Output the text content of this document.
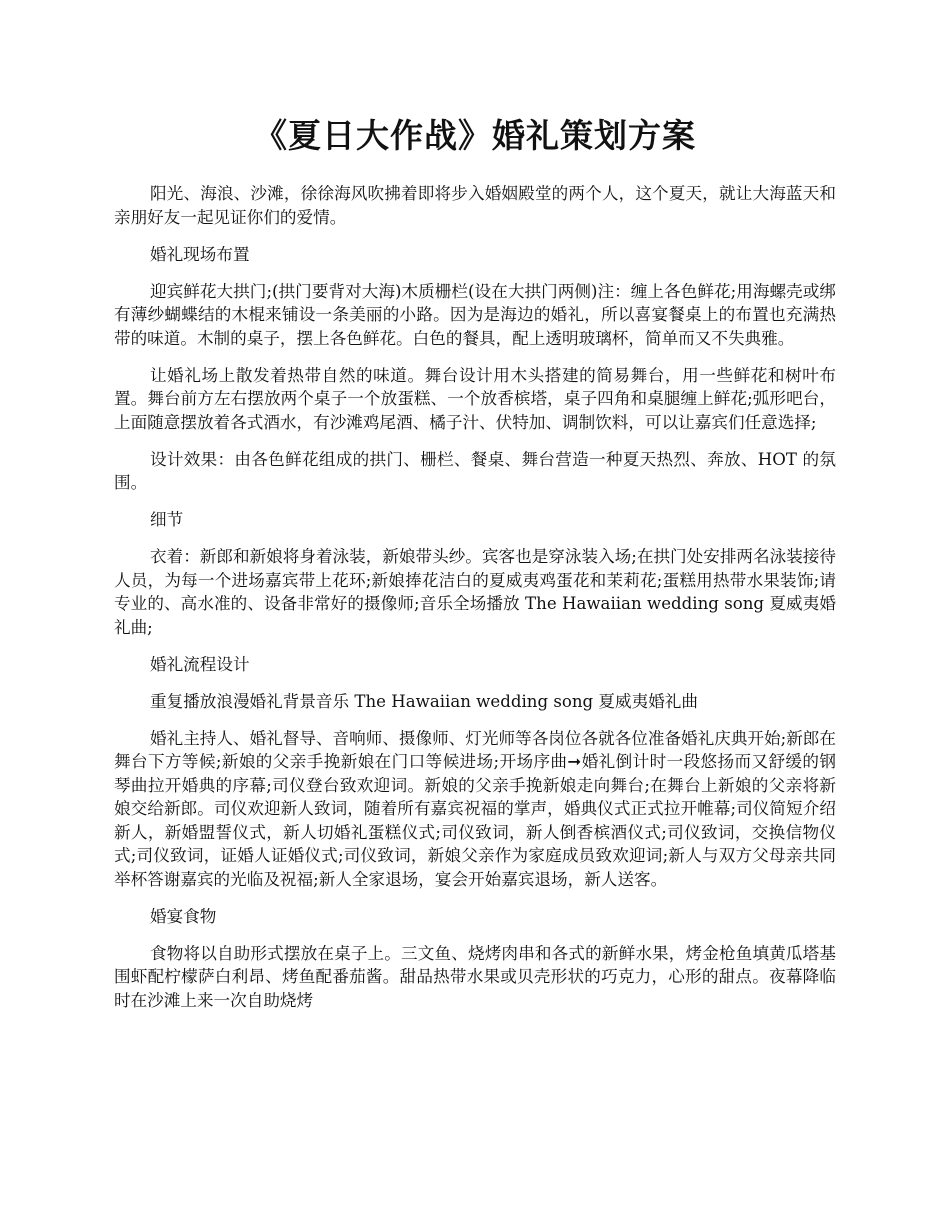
《夏日大作战》婚礼策划方案

阳光、海浪、沙滩，徐徐海风吹拂着即将步入婚姻殿堂的两个人，这个夏天，就让大海蓝天和亲朋好友一起见证你们的爱情。

婚礼现场布置

迎宾鲜花大拱门;(拱门要背对大海)木质栅栏(设在大拱门两侧)注：缠上各色鲜花;用海螺壳或绑有薄纱蝴蝶结的木棍来铺设一条美丽的小路。因为是海边的婚礼，所以喜宴餐桌上的布置也充满热带的味道。木制的桌子，摆上各色鲜花。白色的餐具，配上透明玻璃杯，简单而又不失典雅。

让婚礼场上散发着热带自然的味道。舞台设计用木头搭建的简易舞台，用一些鲜花和树叶布置。舞台前方左右摆放两个桌子一个放蛋糕、一个放香槟塔，桌子四角和桌腿缠上鲜花;弧形吧台，上面随意摆放着各式酒水，有沙滩鸡尾酒、橘子汁、伏特加、调制饮料，可以让嘉宾们任意选择;

设计效果：由各色鲜花组成的拱门、栅栏、餐桌、舞台营造一种夏天热烈、奔放、HOT 的氛围。

细节

衣着：新郎和新娘将身着泳装，新娘带头纱。宾客也是穿泳装入场;在拱门处安排两名泳装接待人员，为每一个进场嘉宾带上花环;新娘捧花洁白的夏威夷鸡蛋花和茉莉花;蛋糕用热带水果装饰;请专业的、高水准的、设备非常好的摄像师;音乐全场播放 The Hawaiian wedding song 夏威夷婚礼曲;

婚礼流程设计

重复播放浪漫婚礼背景音乐 The Hawaiian wedding song 夏威夷婚礼曲

婚礼主持人、婚礼督导、音响师、摄像师、灯光师等各岗位各就各位准备婚礼庆典开始;新郎在舞台下方等候;新娘的父亲手挽新娘在门口等候进场;开场序曲➞婚礼倒计时一段悠扬而又舒缓的钢琴曲拉开婚典的序幕;司仪登台致欢迎词。新娘的父亲手挽新娘走向舞台;在舞台上新娘的父亲将新娘交给新郎。司仪欢迎新人致词，随着所有嘉宾祝福的掌声，婚典仪式正式拉开帷幕;司仪简短介绍新人，新婚盟誓仪式，新人切婚礼蛋糕仪式;司仪致词，新人倒香槟酒仪式;司仪致词，交换信物仪式;司仪致词，证婚人证婚仪式;司仪致词，新娘父亲作为家庭成员致欢迎词;新人与双方父母亲共同举杯答谢嘉宾的光临及祝福;新人全家退场，宴会开始嘉宾退场，新人送客。

婚宴食物

食物将以自助形式摆放在桌子上。三文鱼、烧烤肉串和各式的新鲜水果，烤金枪鱼填黄瓜塔基围虾配柠檬萨白利昂、烤鱼配番茄酱。甜品热带水果或贝壳形状的巧克力，心形的甜点。夜幕降临时在沙滩上来一次自助烧烤
